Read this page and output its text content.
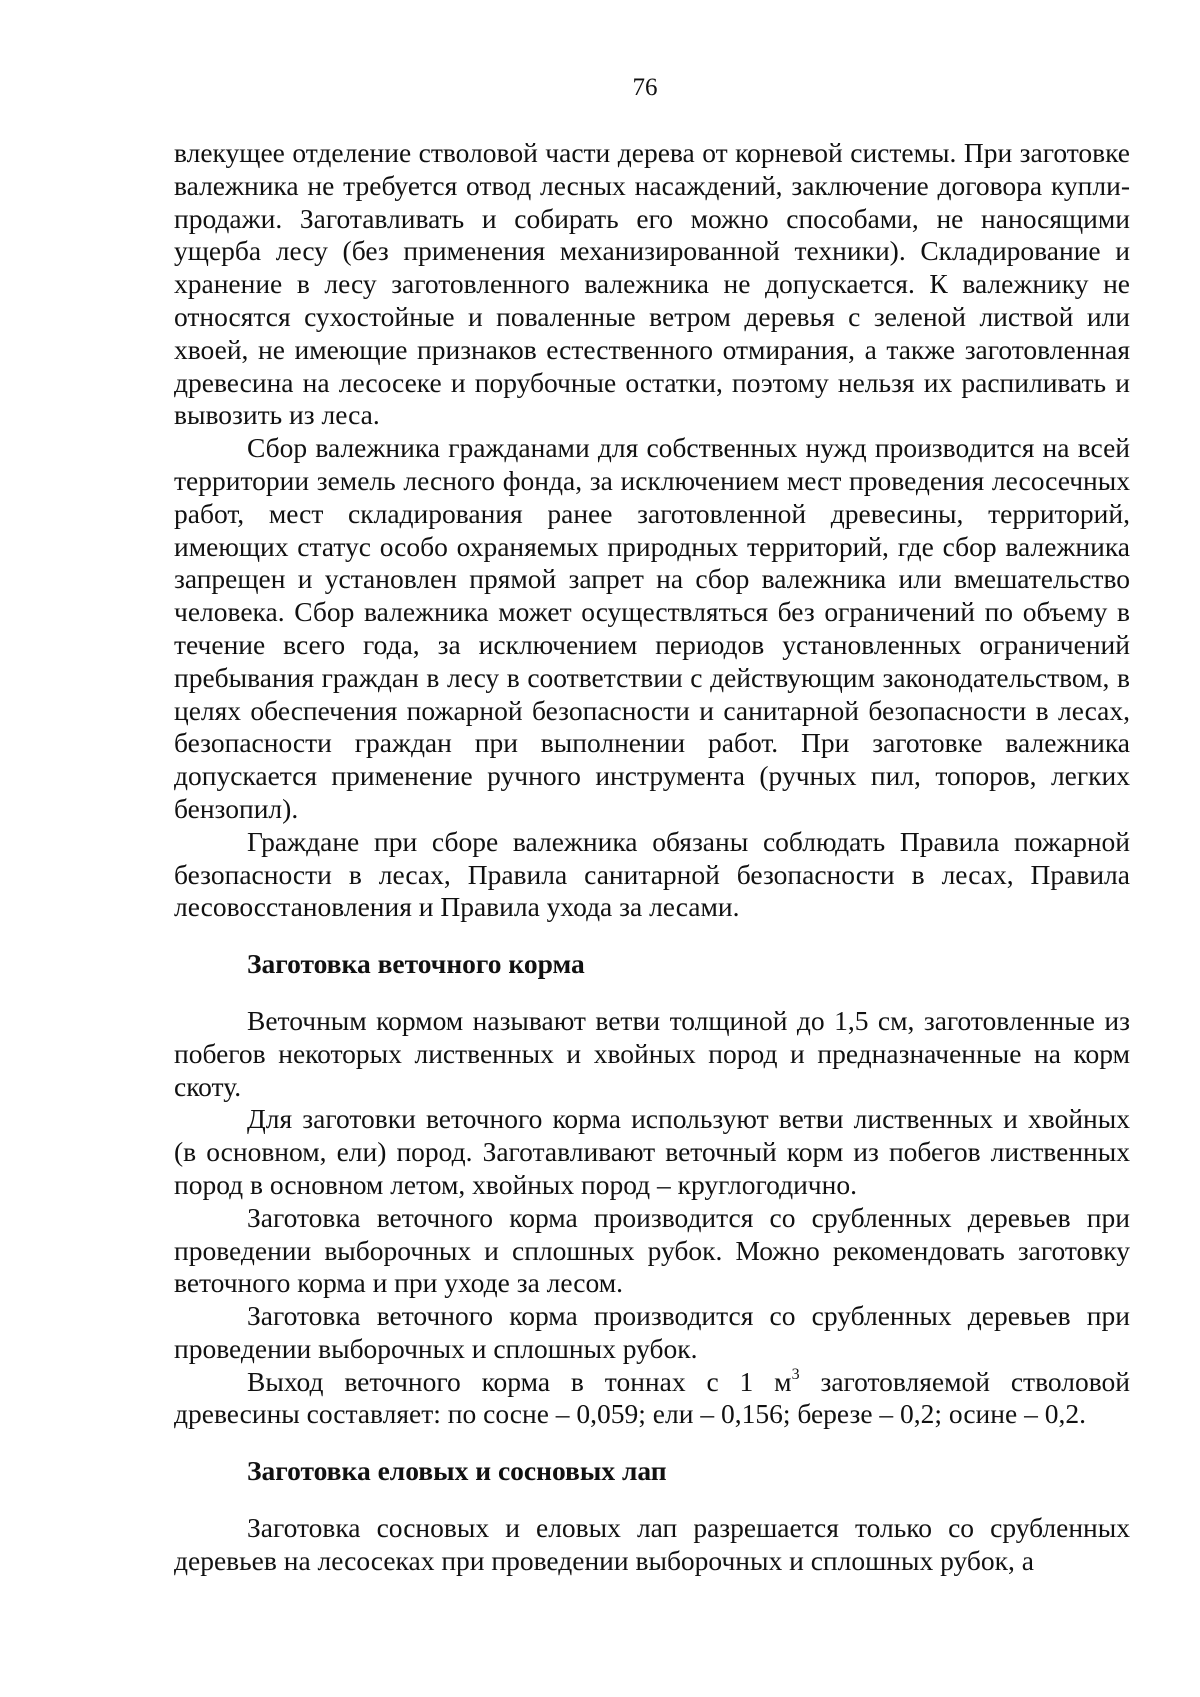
76

влекущее отделение стволовой части дерева от корневой системы. При заготовке валежника не требуется отвод лесных насаждений, заключение договора купли-продажи. Заготавливать и собирать его можно способами, не наносящими ущерба лесу (без применения механизированной техники). Складирование и хранение в лесу заготовленного валежника не допускается. К валежнику не относятся сухостойные и поваленные ветром деревья с зеленой листвой или хвоей, не имеющие признаков естественного отмирания, а также заготовленная древесина на лесосеке и порубочные остатки, поэтому нельзя их распиливать и вывозить из леса.

Сбор валежника гражданами для собственных нужд производится на всей территории земель лесного фонда, за исключением мест проведения лесосечных работ, мест складирования ранее заготовленной древесины, территорий, имеющих статус особо охраняемых природных территорий, где сбор валежника запрещен и установлен прямой запрет на сбор валежника или вмешательство человека. Сбор валежника может осуществляться без ограничений по объему в течение всего года, за исключением периодов установленных ограничений пребывания граждан в лесу в соответствии с действующим законодательством, в целях обеспечения пожарной безопасности и санитарной безопасности в лесах, безопасности граждан при выполнении работ. При заготовке валежника допускается применение ручного инструмента (ручных пил, топоров, легких бензопил).

Граждане при сборе валежника обязаны соблюдать Правила пожарной безопасности в лесах, Правила санитарной безопасности в лесах, Правила лесовосстановления и Правила ухода за лесами.

Заготовка веточного корма

Веточным кормом называют ветви толщиной до 1,5 см, заготовленные из побегов некоторых лиственных и хвойных пород и предназначенные на корм скоту.

Для заготовки веточного корма используют ветви лиственных и хвойных (в основном, ели) пород. Заготавливают веточный корм из побегов лиственных пород в основном летом, хвойных пород – круглогодично.

Заготовка веточного корма производится со срубленных деревьев при проведении выборочных и сплошных рубок. Можно рекомендовать заготовку веточного корма и при уходе за лесом.

Заготовка веточного корма производится со срубленных деревьев при проведении выборочных и сплошных рубок.

Выход веточного корма в тоннах с 1 $м^3$ заготовляемой стволовой древесины составляет: по сосне – 0,059; ели – 0,156; березе – 0,2; осине – 0,2.

Заготовка еловых и сосновых лап

Заготовка сосновых и еловых лап разрешается только со срубленных деревьев на лесосеках при проведении выборочных и сплошных рубок, а
